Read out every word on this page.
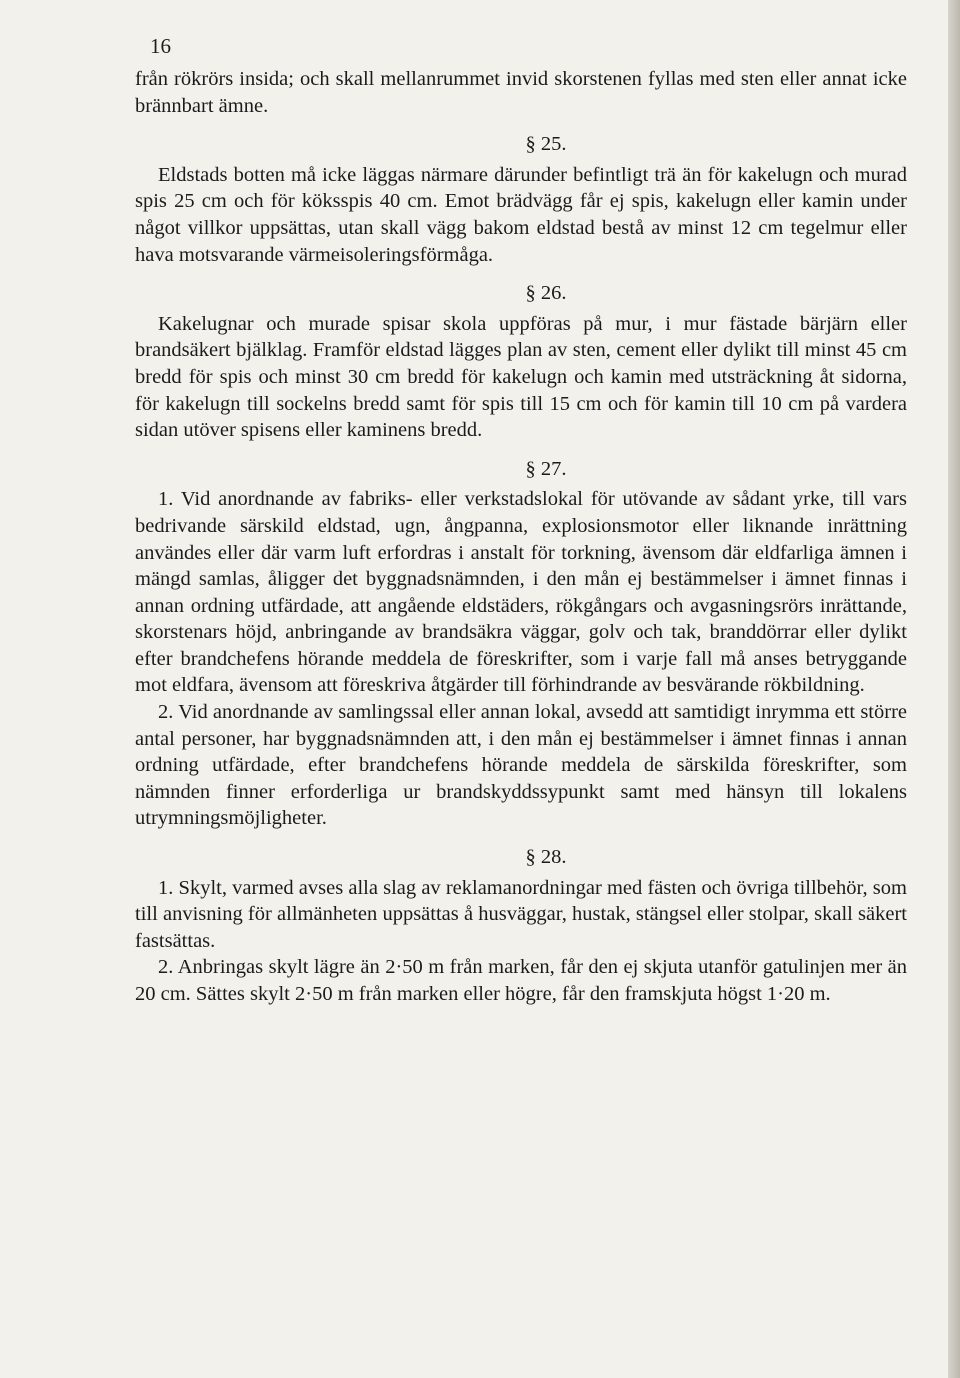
16

från rökrörs insida; och skall mellanrummet invid skorstenen fyllas med sten eller annat icke brännbart ämne.

§ 25.

Eldstads botten må icke läggas närmare därunder befintligt trä än för kakelugn och murad spis 25 cm och för köksspis 40 cm. Emot brädvägg får ej spis, kakelugn eller kamin under något villkor uppsättas, utan skall vägg bakom eldstad bestå av minst 12 cm tegelmur eller hava motsvarande värmeisoleringsförmåga.

§ 26.

Kakelugnar och murade spisar skola uppföras på mur, i mur fästade bärjärn eller brandsäkert bjälklag. Framför eldstad lägges plan av sten, cement eller dylikt till minst 45 cm bredd för spis och minst 30 cm bredd för kakelugn och kamin med utsträckning åt sidorna, för kakelugn till sockelns bredd samt för spis till 15 cm och för kamin till 10 cm på vardera sidan utöver spisens eller kaminens bredd.

§ 27.

1. Vid anordnande av fabriks- eller verkstadslokal för utövande av sådant yrke, till vars bedrivande särskild eldstad, ugn, ångpanna, explosionsmotor eller liknande inrättning användes eller där varm luft erfordras i anstalt för torkning, ävensom där eldfarliga ämnen i mängd samlas, åligger det byggnadsnämnden, i den mån ej bestämmelser i ämnet finnas i annan ordning utfärdade, att angående eldstäders, rökgångars och avgasningsrörs inrättande, skorstenars höjd, anbringande av brandsäkra väggar, golv och tak, branddörrar eller dylikt efter brandchefens hörande meddela de föreskrifter, som i varje fall må anses betryggande mot eldfara, ävensom att föreskriva åtgärder till förhindrande av besvärande rökbildning.

2. Vid anordnande av samlingssal eller annan lokal, avsedd att samtidigt inrymma ett större antal personer, har byggnadsnämnden att, i den mån ej bestämmelser i ämnet finnas i annan ordning utfärdade, efter brandchefens hörande meddela de särskilda föreskrifter, som nämnden finner erforderliga ur brandskyddssypunkt samt med hänsyn till lokalens utrymningsmöjligheter.

§ 28.

1. Skylt, varmed avses alla slag av reklamanordningar med fästen och övriga tillbehör, som till anvisning för allmänheten uppsättas å husväggar, hustak, stängsel eller stolpar, skall säkert fastsättas.

2. Anbringas skylt lägre än 2·50 m från marken, får den ej skjuta utanför gatulinjen mer än 20 cm. Sättes skylt 2·50 m från marken eller högre, får den framskjuta högst 1·20 m.
